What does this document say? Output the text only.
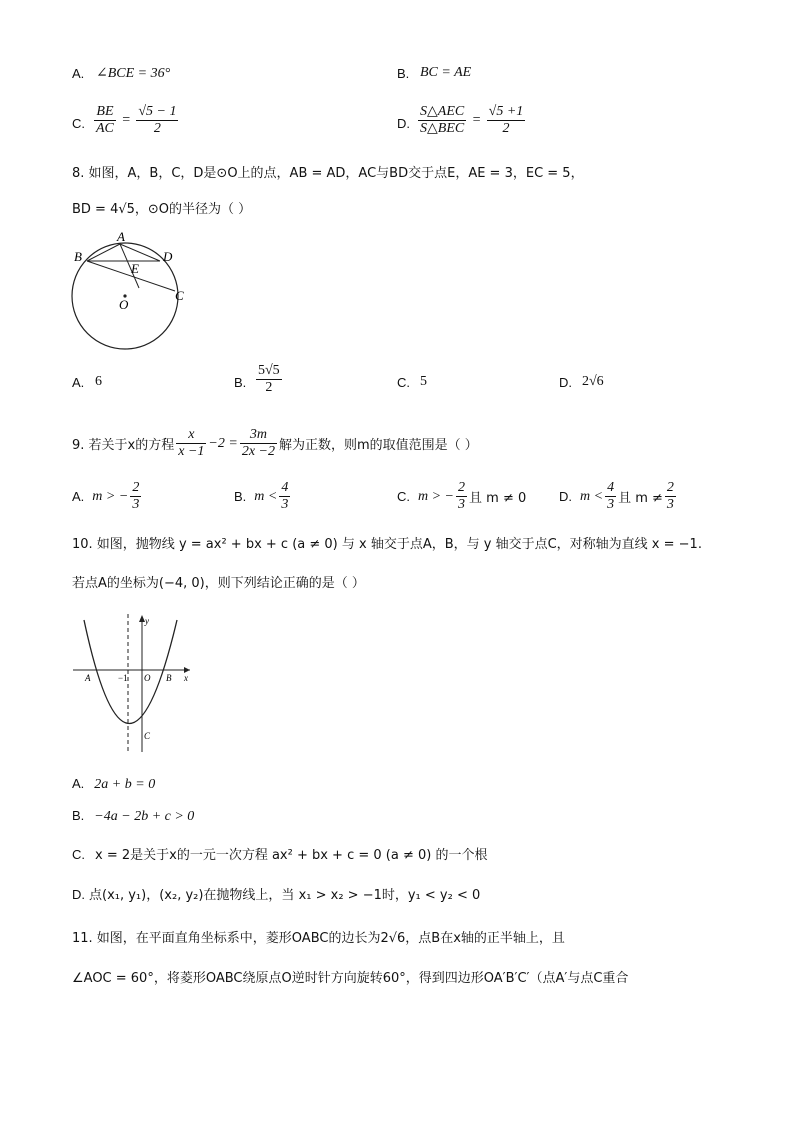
A. ∠BCE = 36°	B. BC = AE
C. $\frac{BE}{AC} = \frac{√5 - 1}{2}$	D. $\frac{\text{S△AEC}}{\text{S△BEC}} = \frac{√5 +1}{2}$
8. 如图，A，B，C，D是⊙O上的点，AB = AD，AC与BD交于点E，AE = 3，EC = 5，
BD = 4√5，⊙O的半径为（ ）
A
B	D
E
C
O
A. 6	B. $\frac{5√5}{2}$	C. 5	D. 2√6
9. 若关于x的方程 $\frac{x}{x -1} -2 = \frac{3m}{2x -2}$ 解为正数，则m的取值范围是（ ）
A. m > − $\frac{2}{3}$	B. $m < \frac{4}{3}$	C. m > − $\frac{2}{3}$ 且 m ≠ 0	D. $m < \frac{4}{3}$ 且 $m \ne \frac{2}{3}$
10. 如图，抛物线 y = ax² + bx + c (a ≠ 0) 与 x 轴交于点A，B，与 y 轴交于点C，对称轴为直线 x = −1.
若点A的坐标为(−4, 0)，则下列结论正确的是（ ）
y
x
A	−1 O B
C
A. 2a + b = 0
B. −4a − 2b + c > 0
C. x = 2是关于x的一元一次方程 ax² + bx + c = 0 (a ≠ 0) 的一个根
D. 点(x₁, y₁)，(x₂, y₂)在抛物线上，当 x₁ > x₂ > −1时，y₁ < y₂ < 0
11. 如图，在平面直角坐标系中，菱形OABC的边长为2√6，点B在x轴的正半轴上，且
∠AOC = 60°，将菱形OABC绕原点O逆时针方向旋转60°，得到四边形OA′B′C′（点A′与点C重合
